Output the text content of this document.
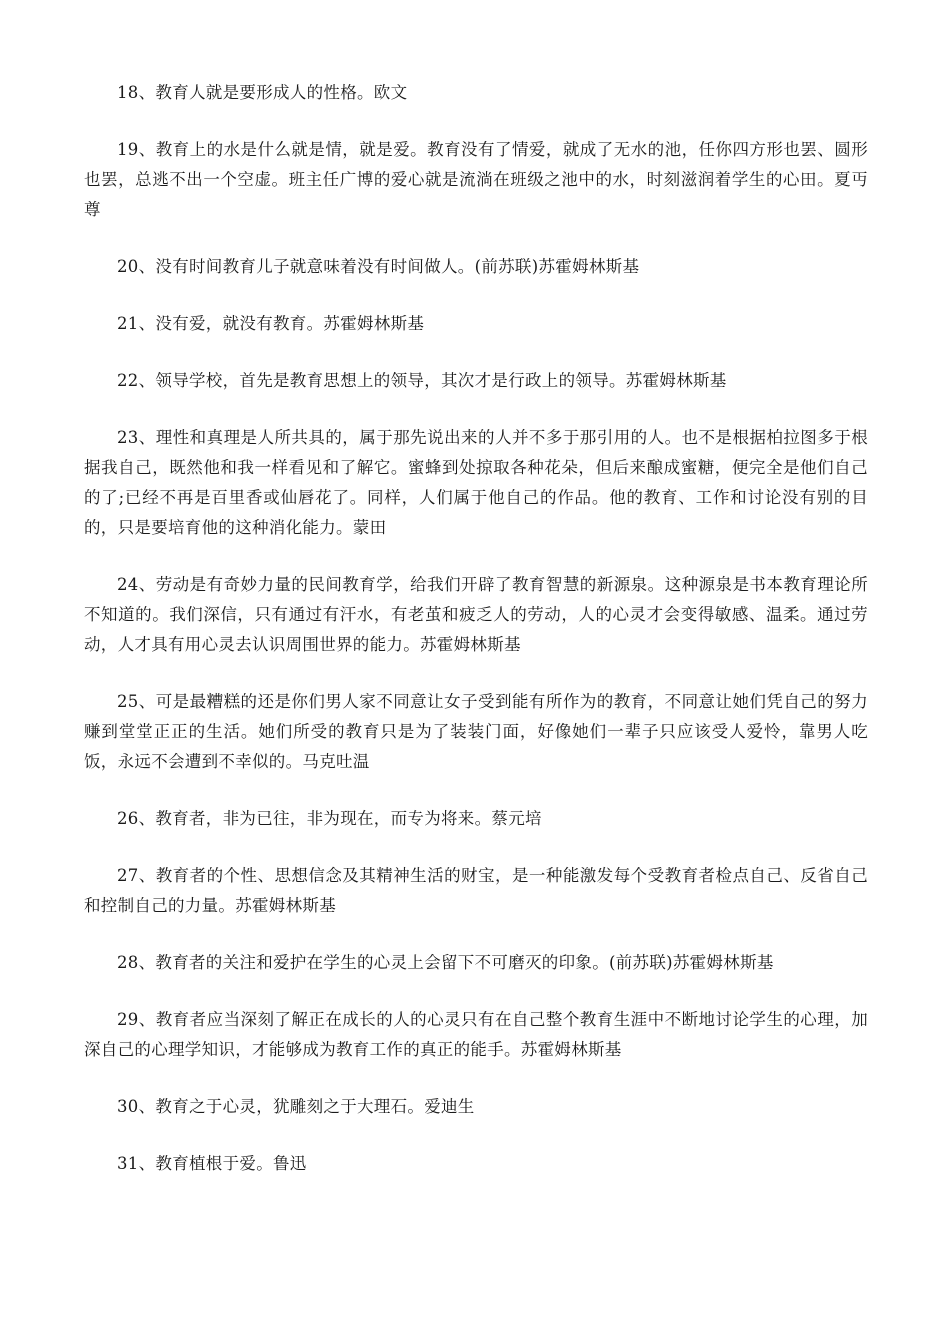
18、教育人就是要形成人的性格。欧文

19、教育上的水是什么就是情，就是爱。教育没有了情爱，就成了无水的池，任你四方形也罢、圆形也罢，总逃不出一个空虚。班主任广博的爱心就是流淌在班级之池中的水，时刻滋润着学生的心田。夏丏尊

20、没有时间教育儿子就意味着没有时间做人。(前苏联)苏霍姆林斯基

21、没有爱，就没有教育。苏霍姆林斯基

22、领导学校，首先是教育思想上的领导，其次才是行政上的领导。苏霍姆林斯基

23、理性和真理是人所共具的，属于那先说出来的人并不多于那引用的人。也不是根据柏拉图多于根据我自己，既然他和我一样看见和了解它。蜜蜂到处掠取各种花朵，但后来酿成蜜糖，便完全是他们自己的了;已经不再是百里香或仙唇花了。同样，人们属于他自己的作品。他的教育、工作和讨论没有别的目的，只是要培育他的这种消化能力。蒙田

24、劳动是有奇妙力量的民间教育学，给我们开辟了教育智慧的新源泉。这种源泉是书本教育理论所不知道的。我们深信，只有通过有汗水，有老茧和疲乏人的劳动，人的心灵才会变得敏感、温柔。通过劳动，人才具有用心灵去认识周围世界的能力。苏霍姆林斯基

25、可是最糟糕的还是你们男人家不同意让女子受到能有所作为的教育，不同意让她们凭自己的努力赚到堂堂正正的生活。她们所受的教育只是为了装装门面，好像她们一辈子只应该受人爱怜，靠男人吃饭，永远不会遭到不幸似的。马克吐温

26、教育者，非为已往，非为现在，而专为将来。蔡元培

27、教育者的个性、思想信念及其精神生活的财宝，是一种能激发每个受教育者检点自己、反省自己和控制自己的力量。苏霍姆林斯基

28、教育者的关注和爱护在学生的心灵上会留下不可磨灭的印象。(前苏联)苏霍姆林斯基

29、教育者应当深刻了解正在成长的人的心灵只有在自己整个教育生涯中不断地讨论学生的心理，加深自己的心理学知识，才能够成为教育工作的真正的能手。苏霍姆林斯基

30、教育之于心灵，犹雕刻之于大理石。爱迪生

31、教育植根于爱。鲁迅
